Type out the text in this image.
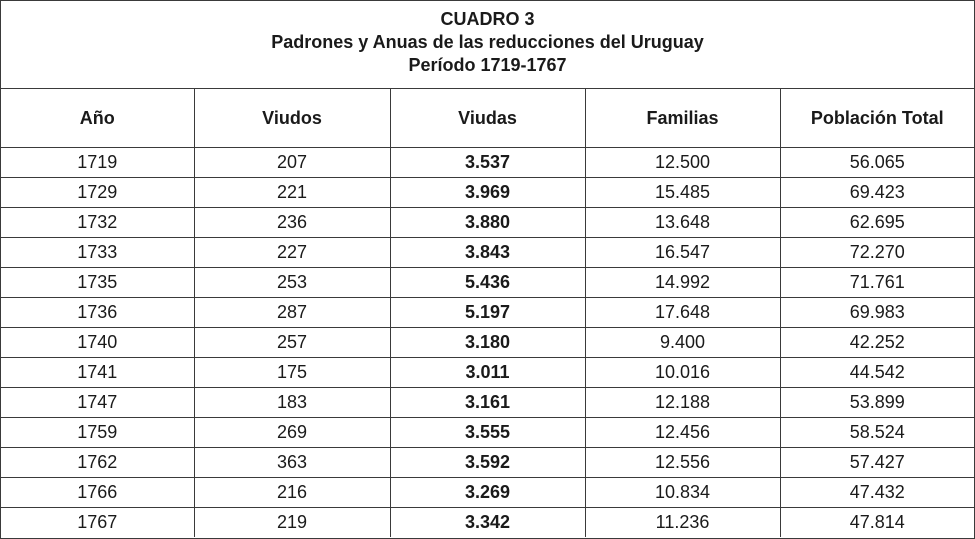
CUADRO 3
Padrones y Anuas de las reducciones del Uruguay
Período 1719-1767
Año	Viudos	Viudas	Familias	Población Total
1719	207	3.537	12.500	56.065
1729	221	3.969	15.485	69.423
1732	236	3.880	13.648	62.695
1733	227	3.843	16.547	72.270
1735	253	5.436	14.992	71.761
1736	287	5.197	17.648	69.983
1740	257	3.180	9.400	42.252
1741	175	3.011	10.016	44.542
1747	183	3.161	12.188	53.899
1759	269	3.555	12.456	58.524
1762	363	3.592	12.556	57.427
1766	216	3.269	10.834	47.432
1767	219	3.342	11.236	47.814
